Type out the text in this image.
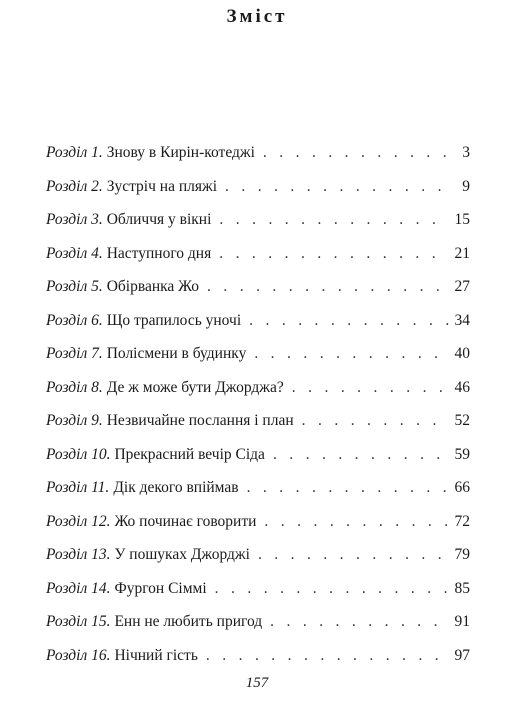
Зміст
Розділ 1. Знову в Кирін-котеджі . . .	3
Розділ 2. Зустріч на пляжі . . .	9
Розділ 3. Обличчя у вікні . . .	15
Розділ 4. Наступного дня . . .	21
Розділ 5. Обірванка Жо . . .	27
Розділ 6. Що трапилось уночі . . .	34
Розділ 7. Полісмени в будинку . . .	40
Розділ 8. Де ж може бути Джорджа? . . .	46
Розділ 9. Незвичайне послання і план . . .	52
Розділ 10. Прекрасний вечір Сіда . . .	59
Розділ 11. Дік декого впіймав . . .	66
Розділ 12. Жо починає говорити . . .	72
Розділ 13. У пошуках Джорджі . . .	79
Розділ 14. Фургон Сіммі . . .	85
Розділ 15. Енн не любить пригод . . .	91
Розділ 16. Нічний гість . . .	97
157
